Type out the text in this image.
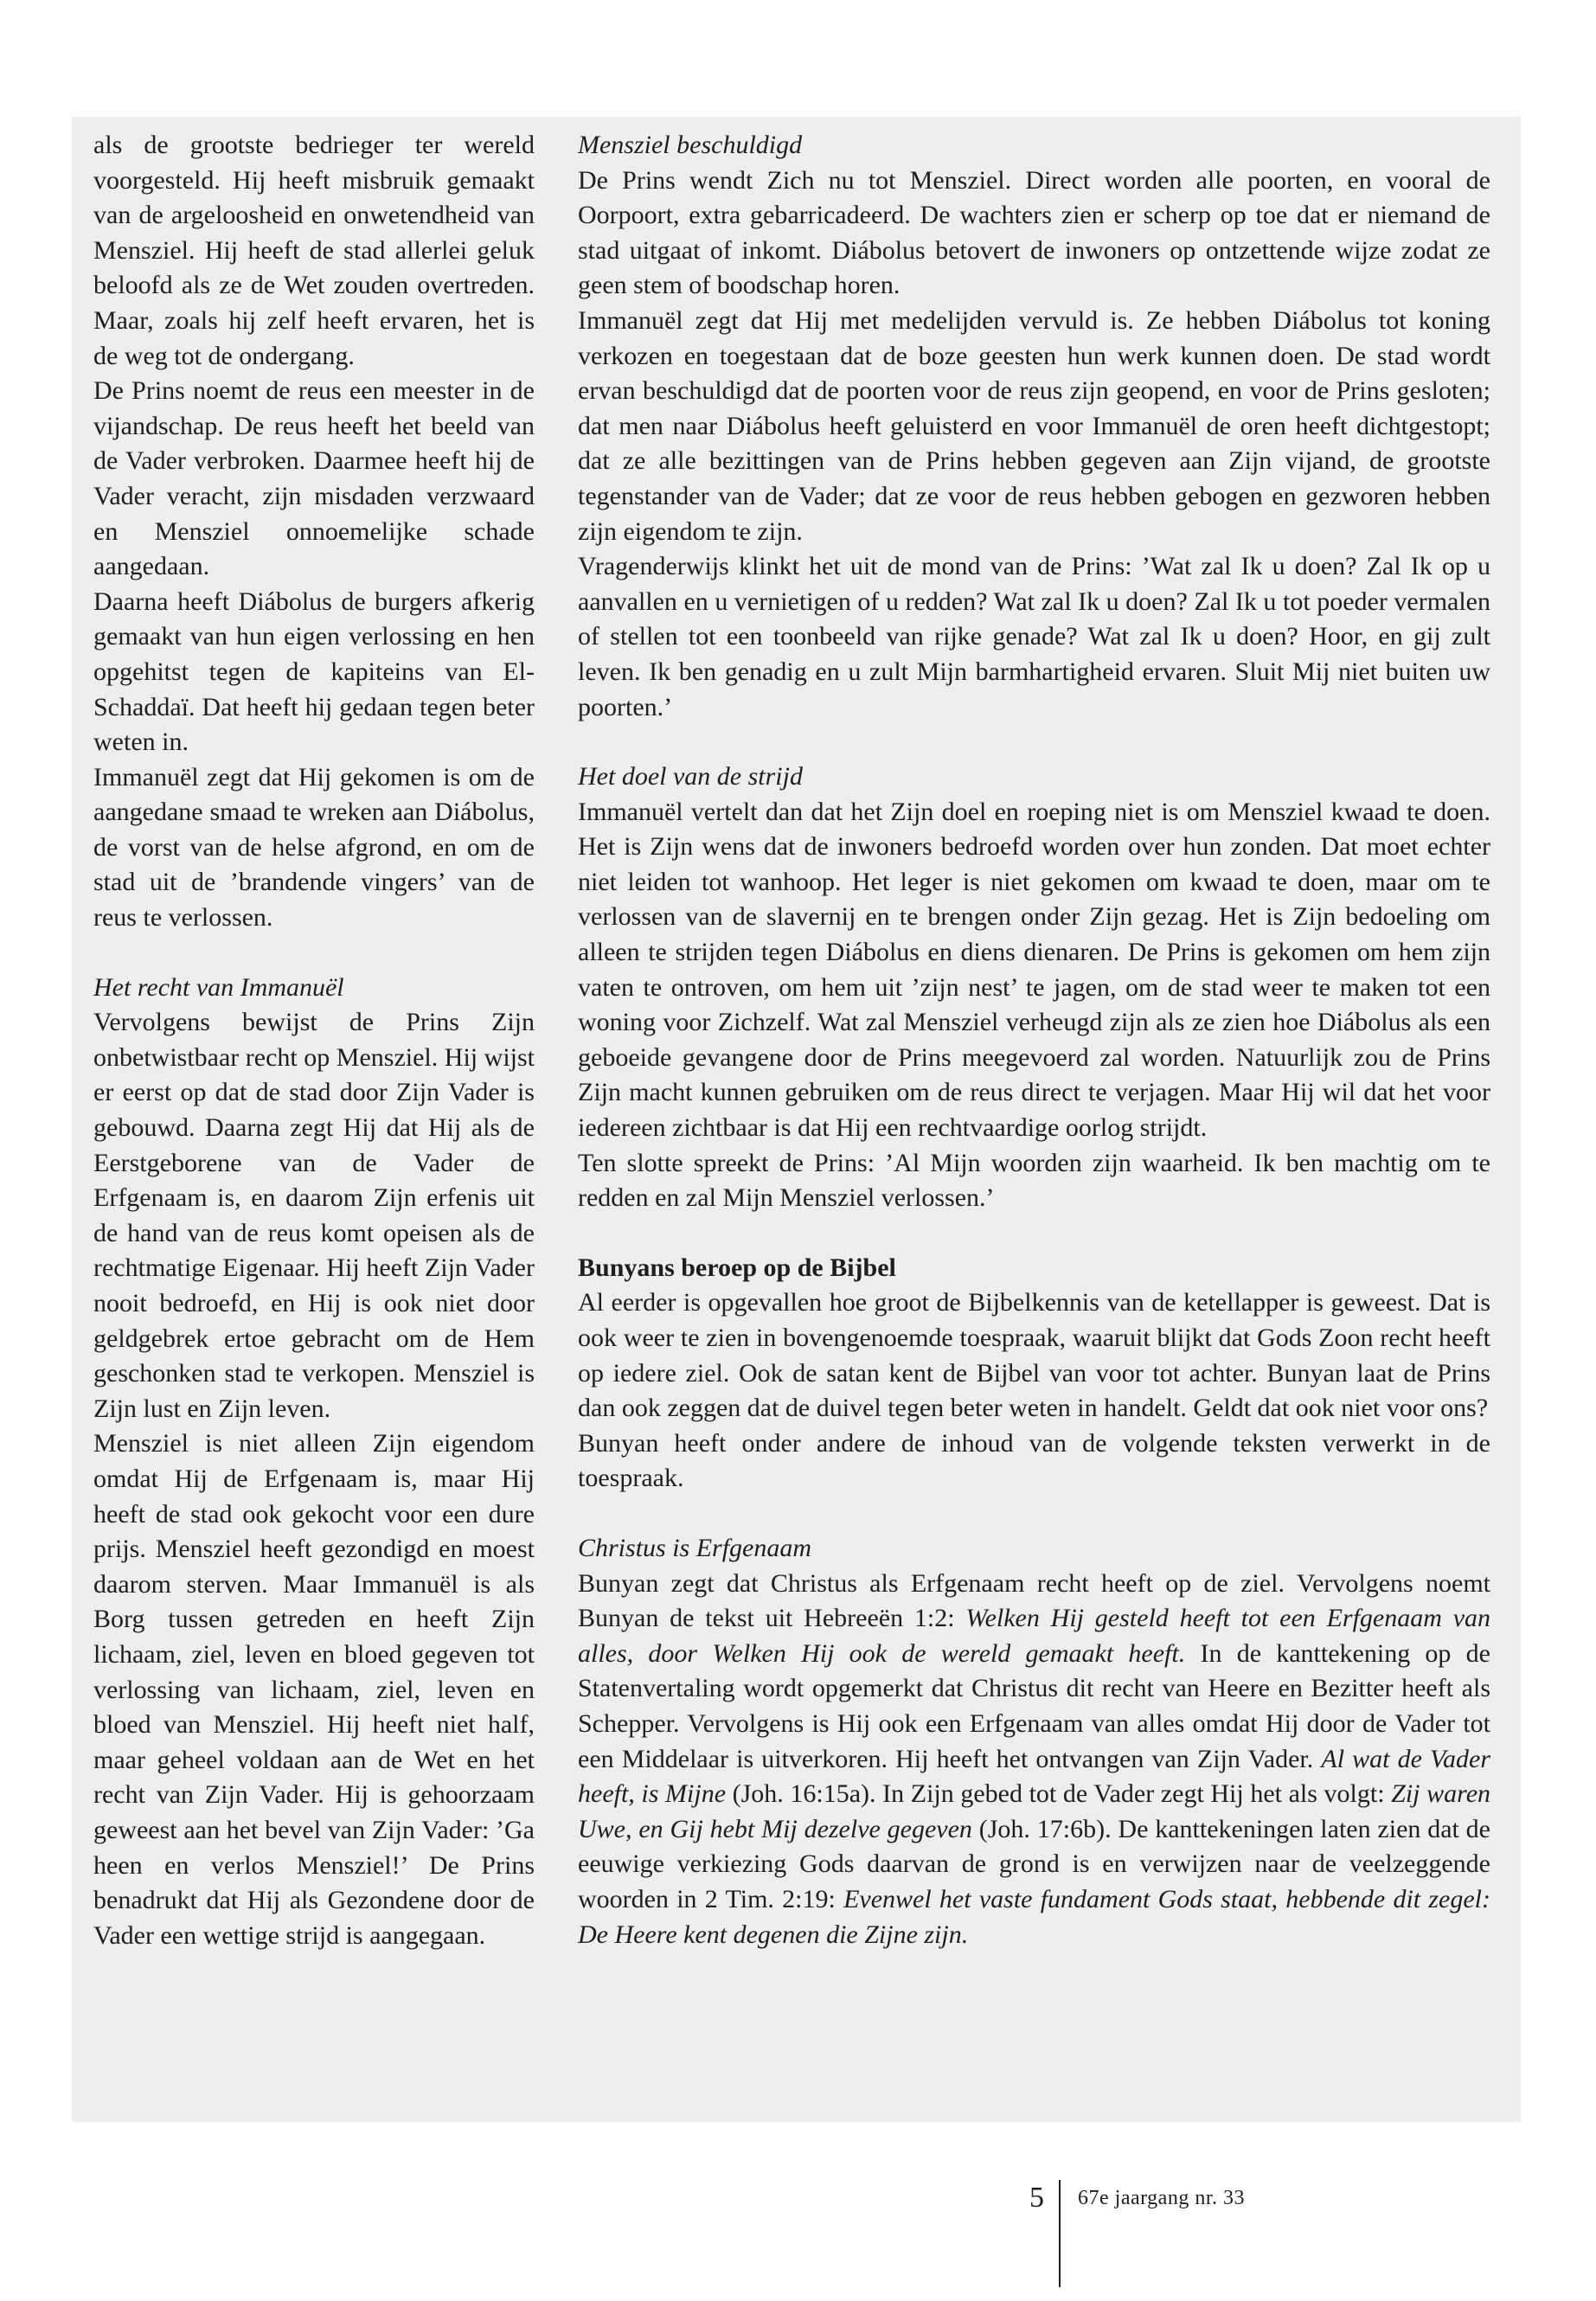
als de grootste bedrieger ter wereld voorgesteld. Hij heeft misbruik gemaakt van de argeloosheid en onwetendheid van Mensziel. Hij heeft de stad allerlei geluk beloofd als ze de Wet zouden overtreden. Maar, zoals hij zelf heeft ervaren, het is de weg tot de ondergang.

De Prins noemt de reus een meester in de vijandschap. De reus heeft het beeld van de Vader verbroken. Daarmee heeft hij de Vader veracht, zijn misdaden verzwaard en Mensziel onnoemelijke schade aangedaan.

Daarna heeft Diábolus de burgers afkerig gemaakt van hun eigen verlossing en hen opgehitst tegen de kapiteins van El-Schaddaï. Dat heeft hij gedaan tegen beter weten in.

Immanuël zegt dat Hij gekomen is om de aangedane smaad te wreken aan Diábolus, de vorst van de helse afgrond, en om de stad uit de ’brandende vingers’ van de reus te verlossen.

Het recht van Immanuël

Vervolgens bewijst de Prins Zijn onbetwistbaar recht op Mensziel. Hij wijst er eerst op dat de stad door Zijn Vader is gebouwd. Daarna zegt Hij dat Hij als de Eerstgeborene van de Vader de Erfgenaam is, en daarom Zijn erfenis uit de hand van de reus komt opeisen als de rechtmatige Eigenaar. Hij heeft Zijn Vader nooit bedroefd, en Hij is ook niet door geldgebrek ertoe gebracht om de Hem geschonken stad te verkopen. Mensziel is Zijn lust en Zijn leven.

Mensziel is niet alleen Zijn eigendom omdat Hij de Erfgenaam is, maar Hij heeft de stad ook gekocht voor een dure prijs. Mensziel heeft gezondigd en moest daarom sterven. Maar Immanuël is als Borg tussen getreden en heeft Zijn lichaam, ziel, leven en bloed gegeven tot verlossing van lichaam, ziel, leven en bloed van Mensziel. Hij heeft niet half, maar geheel voldaan aan de Wet en het recht van Zijn Vader. Hij is gehoorzaam geweest aan het bevel van Zijn Vader: ’Ga heen en verlos Mensziel!’ De Prins benadrukt dat Hij als Gezondene door de Vader een wettige strijd is aangegaan.

Mensziel beschuldigd

De Prins wendt Zich nu tot Mensziel. Direct worden alle poorten, en vooral de Oorpoort, extra gebarricadeerd. De wachters zien er scherp op toe dat er niemand de stad uitgaat of inkomt. Diábolus betovert de inwoners op ontzettende wijze zodat ze geen stem of boodschap horen.

Immanuël zegt dat Hij met medelijden vervuld is. Ze hebben Diábolus tot koning verkozen en toegestaan dat de boze geesten hun werk kunnen doen. De stad wordt ervan beschuldigd dat de poorten voor de reus zijn geopend, en voor de Prins gesloten; dat men naar Diábolus heeft geluisterd en voor Immanuël de oren heeft dichtgestopt; dat ze alle bezittingen van de Prins hebben gegeven aan Zijn vijand, de grootste tegenstander van de Vader; dat ze voor de reus hebben gebogen en gezworen hebben zijn eigendom te zijn.

Vragenderwijs klinkt het uit de mond van de Prins: ’Wat zal Ik u doen? Zal Ik op u aanvallen en u vernietigen of u redden? Wat zal Ik u doen? Zal Ik u tot poeder vermalen of stellen tot een toonbeeld van rijke genade? Wat zal Ik u doen? Hoor, en gij zult leven. Ik ben genadig en u zult Mijn barmhartigheid ervaren. Sluit Mij niet buiten uw poorten.’

Het doel van de strijd

Immanuël vertelt dan dat het Zijn doel en roeping niet is om Mensziel kwaad te doen. Het is Zijn wens dat de inwoners bedroefd worden over hun zonden. Dat moet echter niet leiden tot wanhoop. Het leger is niet gekomen om kwaad te doen, maar om te verlossen van de slavernij en te brengen onder Zijn gezag. Het is Zijn bedoeling om alleen te strijden tegen Diábolus en diens dienaren. De Prins is gekomen om hem zijn vaten te ontroven, om hem uit ’zijn nest’ te jagen, om de stad weer te maken tot een woning voor Zichzelf. Wat zal Mensziel verheugd zijn als ze zien hoe Diábolus als een geboeide gevangene door de Prins meegevoerd zal worden. Natuurlijk zou de Prins Zijn macht kunnen gebruiken om de reus direct te verjagen. Maar Hij wil dat het voor iedereen zichtbaar is dat Hij een rechtvaardige oorlog strijdt.

Ten slotte spreekt de Prins: ’Al Mijn woorden zijn waarheid. Ik ben machtig om te redden en zal Mijn Mensziel verlossen.’

Bunyans beroep op de Bijbel

Al eerder is opgevallen hoe groot de Bijbelkennis van de ketellapper is geweest. Dat is ook weer te zien in bovengenoemde toespraak, waaruit blijkt dat Gods Zoon recht heeft op iedere ziel. Ook de satan kent de Bijbel van voor tot achter. Bunyan laat de Prins dan ook zeggen dat de duivel tegen beter weten in handelt. Geldt dat ook niet voor ons?

Bunyan heeft onder andere de inhoud van de volgende teksten verwerkt in de toespraak.

Christus is Erfgenaam

Bunyan zegt dat Christus als Erfgenaam recht heeft op de ziel. Vervolgens noemt Bunyan de tekst uit Hebreeën 1:2: Welken Hij gesteld heeft tot een Erfgenaam van alles, door Welken Hij ook de wereld gemaakt heeft. In de kanttekening op de Statenvertaling wordt opgemerkt dat Christus dit recht van Heere en Bezitter heeft als Schepper. Vervolgens is Hij ook een Erfgenaam van alles omdat Hij door de Vader tot een Middelaar is uitverkoren. Hij heeft het ontvangen van Zijn Vader. Al wat de Vader heeft, is Mijne (Joh. 16:15a). In Zijn gebed tot de Vader zegt Hij het als volgt: Zij waren Uwe, en Gij hebt Mij dezelve gegeven (Joh. 17:6b). De kanttekeningen laten zien dat de eeuwige verkiezing Gods daarvan de grond is en verwijzen naar de veelzeggende woorden in 2 Tim. 2:19: Evenwel het vaste fundament Gods staat, hebbende dit zegel: De Heere kent degenen die Zijne zijn.

5 67e jaargang nr. 33
